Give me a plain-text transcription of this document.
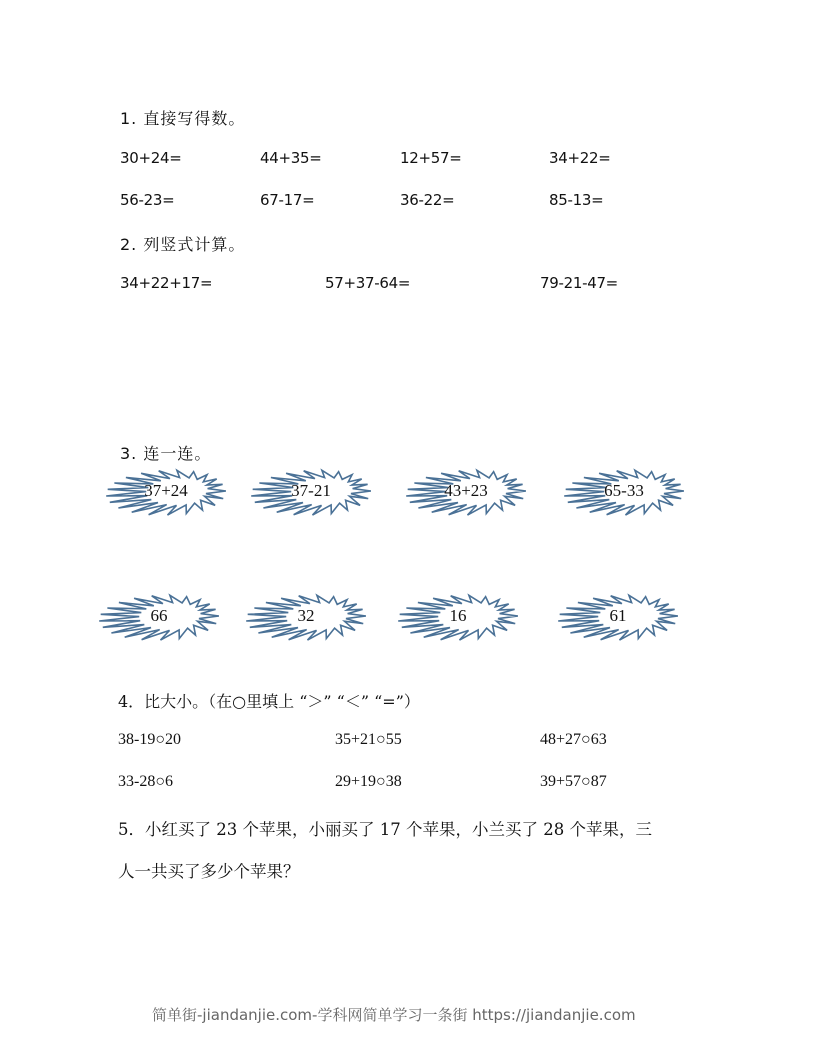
1. 直接写得数。
30+24=	44+35=	12+57=	34+22=
56-23=	67-17=	36-22=	85-13=
2. 列竖式计算。
34+22+17=	57+37-64=	79-21-47=
3. 连一连。
37+24	37-21	43+23	65-33
66	32	16	61
4．比大小。（在○里填上 “＞” “＜” “=”）
38-19○20	35+21○55	48+27○63
33-28○6	29+19○38	39+57○87
5．小红买了 23 个苹果，小丽买了 17 个苹果，小兰买了 28 个苹果，三
人一共买了多少个苹果？
简单街-jiandanjie.com-学科网简单学习一条街 https://jiandanjie.com
